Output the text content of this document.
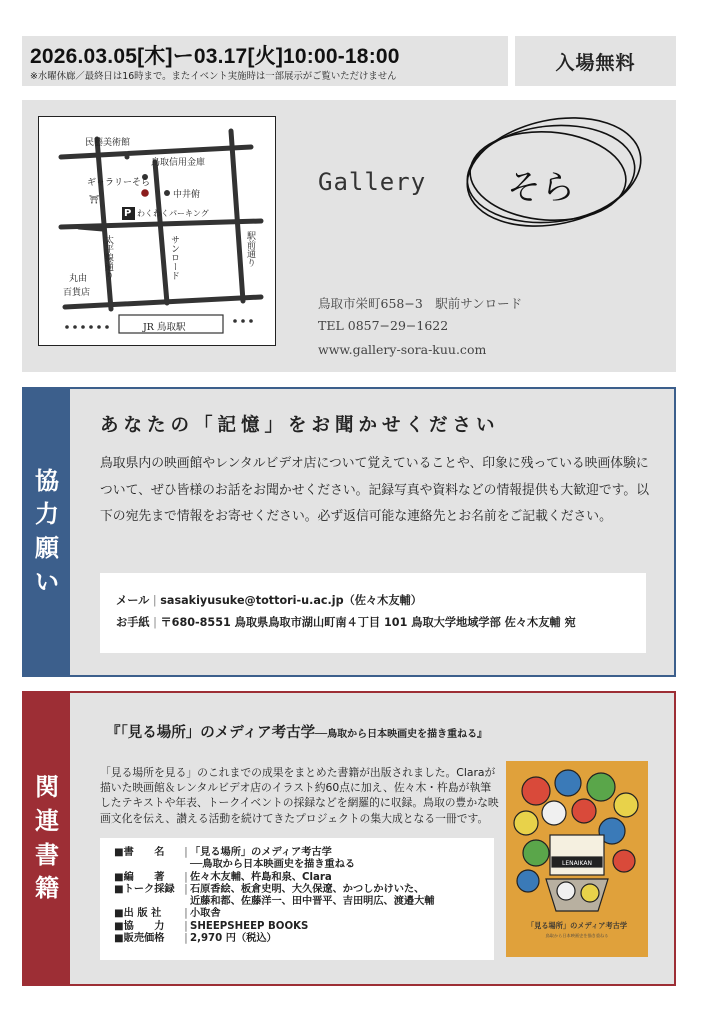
2026.03.05[木]ー03.17[火]10:00-18:00
※水曜休廊／最終日は16時まで。またイベント実施時は一部展示がご覧いただけません
入場無料
民藝美術館
鳥取信用金庫
ギャラリーそら
中井俯
⛩
P わくわくパーキング
太平線通り	サンロード	駅前通り
丸由
百貨店
JR 鳥取駅
Gallery そら
鳥取市栄町658−3　駅前サンロード
TEL 0857−29−1622
www.gallery-sora-kuu.com
協
力
願
い
あなたの「記憶」をお聞かせください
鳥取県内の映画館やレンタルビデオ店について覚えていることや、印象に残っている映画体験について、ぜひ皆様のお話をお聞かせください。記録写真や資料などの情報提供も大歓迎です。以下の宛先まで情報をお寄せください。必ず返信可能な連絡先とお名前をご記載ください。
メール | sasakiyusuke@tottori-u.ac.jp（佐々木友輔）
お手紙 | 〒680-8551 鳥取県鳥取市湖山町南４丁目 101 鳥取大学地域学部 佐々木友輔 宛
関
連
書
籍
『「見る場所」のメディア考古学──鳥取から日本映画史を描き重ねる』
「見る場所を見る」のこれまでの成果をまとめた書籍が出版されました。Claraが描いた映画館＆レンタルビデオ店のイラスト約60点に加え、佐々木・杵島が執筆したテキストや年表、トークイベントの採録などを網羅的に収録。鳥取の豊かな映画文化を伝え、讃える活動を続けてきたプロジェクトの集大成となる一冊です。
■書　　名	| 「見る場所」のメディア考古学
──鳥取から日本映画史を描き重ねる
■編　　著	| 佐々木友輔、杵島和泉、Clara
■トーク採録 | 石原香絵、板倉史明、大久保遼、かつしかけいた、
近藤和都、佐藤洋一、田中晋平、吉田明広、渡邉大輔
■出 版 社	| 小取舎
■協　　力	| SHEEPSHEEP BOOKS
■販売価格	| 2,970 円（税込）
LENAIKAN
「見る場所」のメディア考古学
鳥取から日本映画史を描き重ねる
